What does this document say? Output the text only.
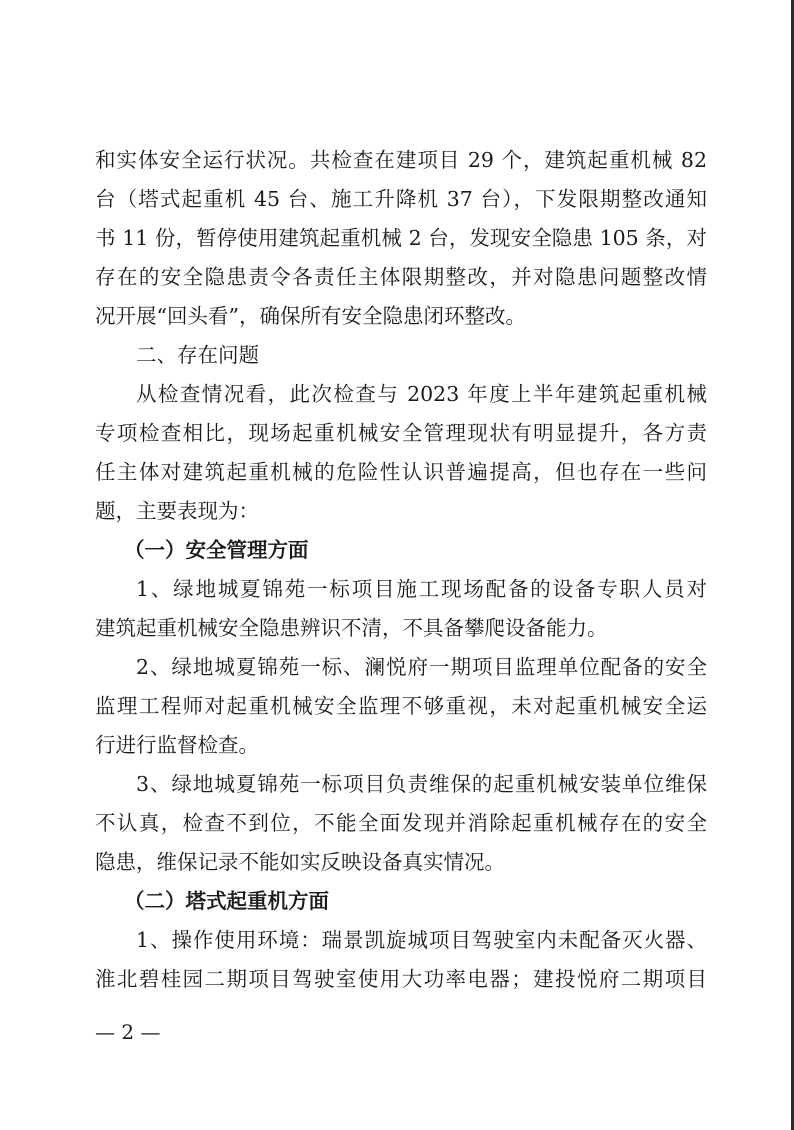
和实体安全运行状况。共检查在建项目 29 个，建筑起重机械 82
台（塔式起重机 45 台、施工升降机 37 台），下发限期整改通知
书 11 份，暂停使用建筑起重机械 2 台，发现安全隐患 105 条，对
存在的安全隐患责令各责任主体限期整改，并对隐患问题整改情
况开展“回头看”，确保所有安全隐患闭环整改。
二、存在问题
从检查情况看，此次检查与 2023 年度上半年建筑起重机械
专项检查相比，现场起重机械安全管理现状有明显提升，各方责
任主体对建筑起重机械的危险性认识普遍提高，但也存在一些问
题，主要表现为：
（一）安全管理方面
1、绿地城夏锦苑一标项目施工现场配备的设备专职人员对
建筑起重机械安全隐患辨识不清，不具备攀爬设备能力。
2、绿地城夏锦苑一标、澜悦府一期项目监理单位配备的安全
监理工程师对起重机械安全监理不够重视，未对起重机械安全运
行进行监督检查。
3、绿地城夏锦苑一标项目负责维保的起重机械安装单位维保
不认真，检查不到位，不能全面发现并消除起重机械存在的安全
隐患，维保记录不能如实反映设备真实情况。
（二）塔式起重机方面
1、操作使用环境：瑞景凯旋城项目驾驶室内未配备灭火器、
淮北碧桂园二期项目驾驶室使用大功率电器；建投悦府二期项目
— 2 —
